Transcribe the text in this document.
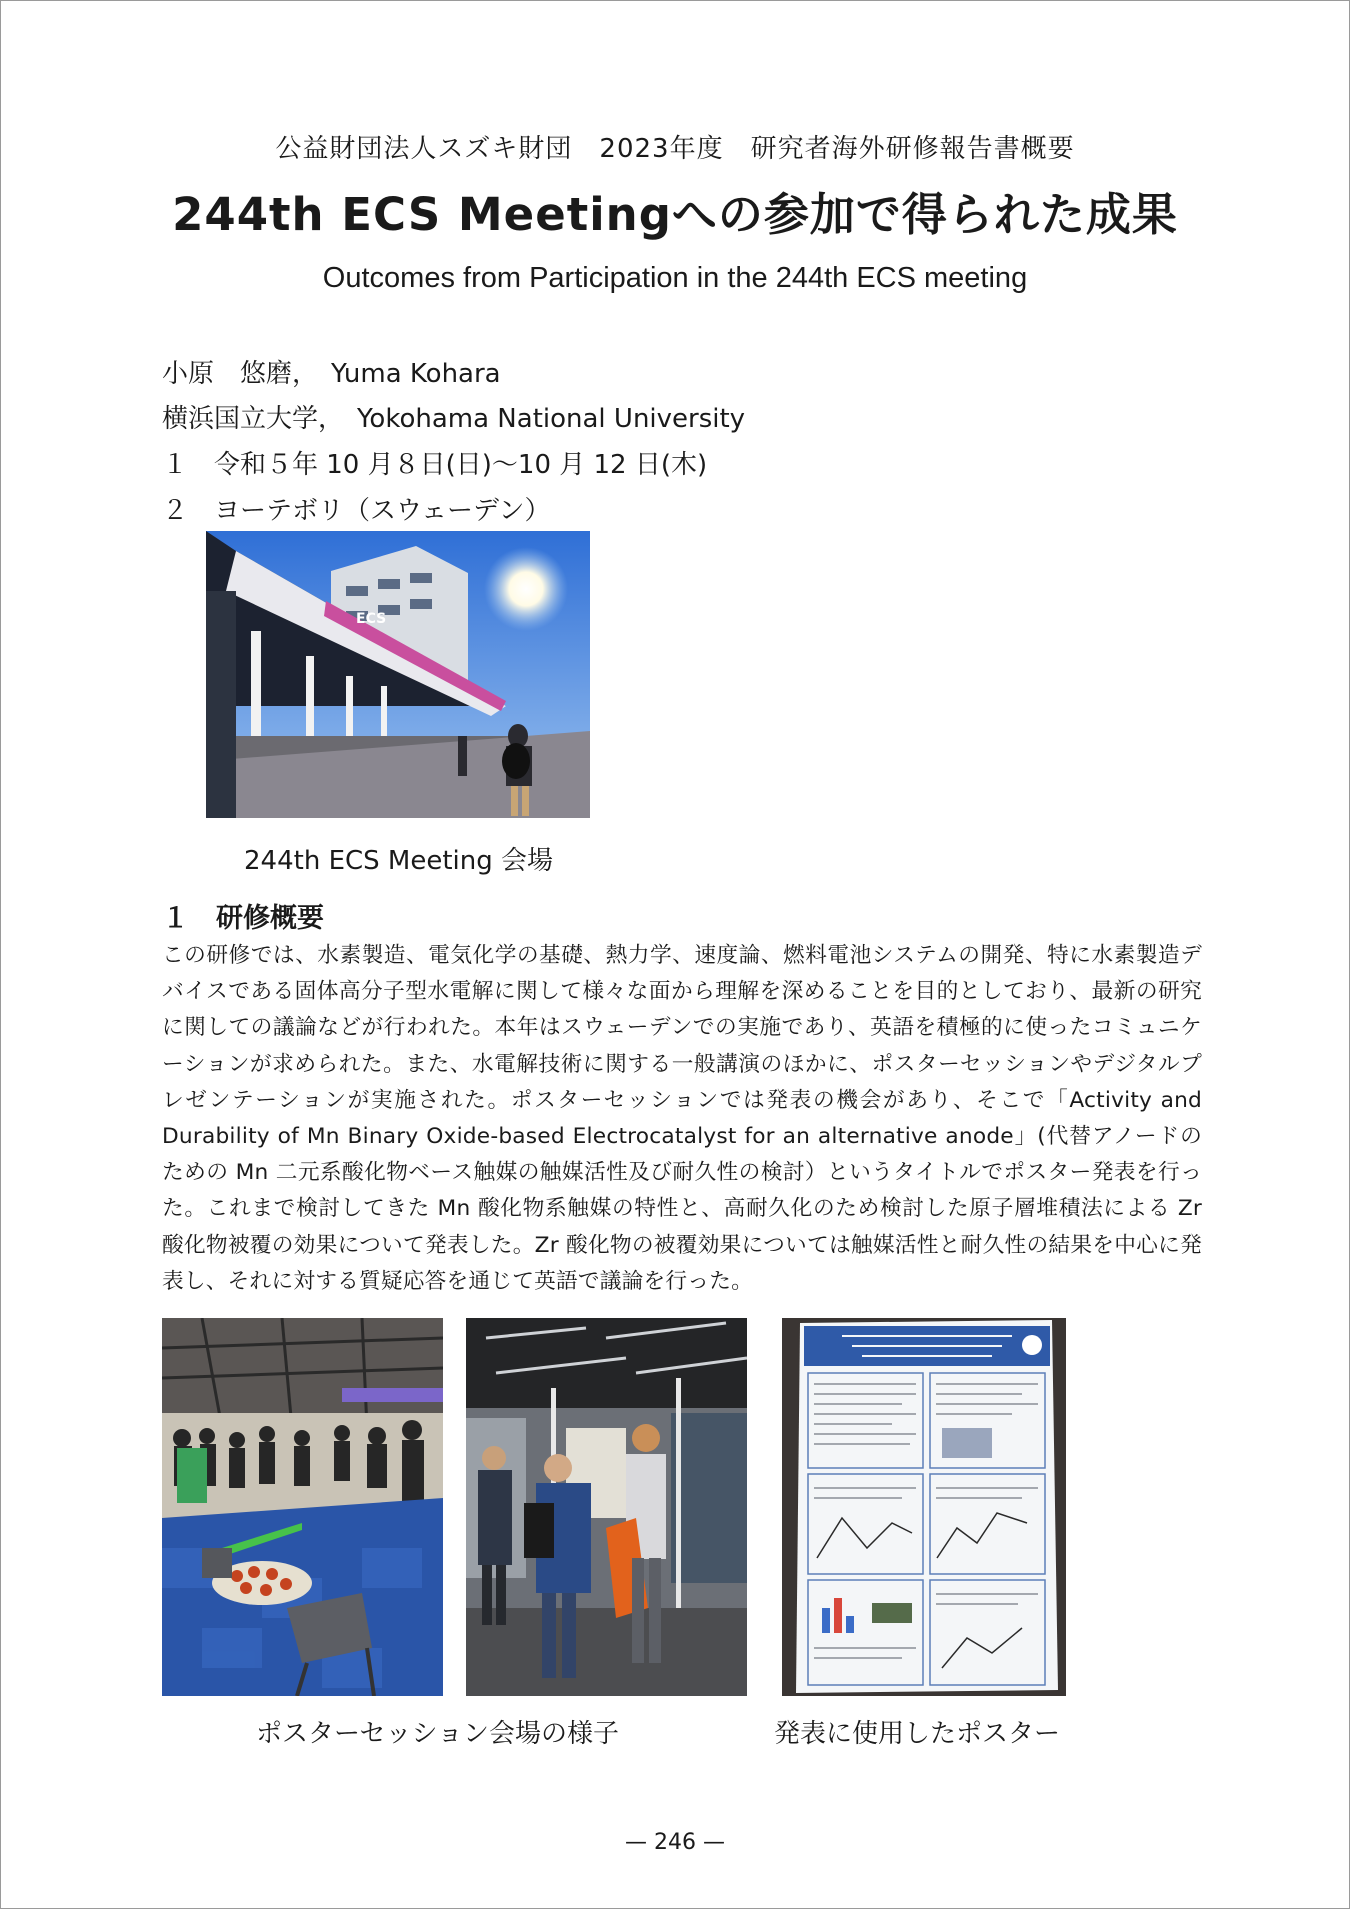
公益財団法人スズキ財団　2023年度　研究者海外研修報告書概要
244th ECS Meetingへの参加で得られた成果
Outcomes from Participation in the 244th ECS meeting
小原　悠磨，　Yuma Kohara
横浜国立大学，　Yokohama National University
１　令和５年 10 月８日(日)～10 月 12 日(木)
２　ヨーテボリ（スウェーデン）
ECS
244th ECS Meeting 会場
１　研修概要
この研修では、水素製造、電気化学の基礎、熱力学、速度論、燃料電池システムの開発、特に水素製造デバイスである固体高分子型水電解に関して様々な面から理解を深めることを目的としており、最新の研究に関しての議論などが行われた。本年はスウェーデンでの実施であり、英語を積極的に使ったコミュニケーションが求められた。また、水電解技術に関する一般講演のほかに、ポスターセッションやデジタルプレゼンテーションが実施された。ポスターセッションでは発表の機会があり、そこで「Activity and Durability of Mn Binary Oxide-based Electrocatalyst for an alternative anode」(代替アノードのための Mn 二元系酸化物ベース触媒の触媒活性及び耐久性の検討）というタイトルでポスター発表を行った。これまで検討してきた Mn 酸化物系触媒の特性と、高耐久化のため検討した原子層堆積法による Zr 酸化物被覆の効果について発表した。Zr 酸化物の被覆効果については触媒活性と耐久性の結果を中心に発表し、それに対する質疑応答を通じて英語で議論を行った。
ポスターセッション会場の様子	発表に使用したポスター
— 246 —
